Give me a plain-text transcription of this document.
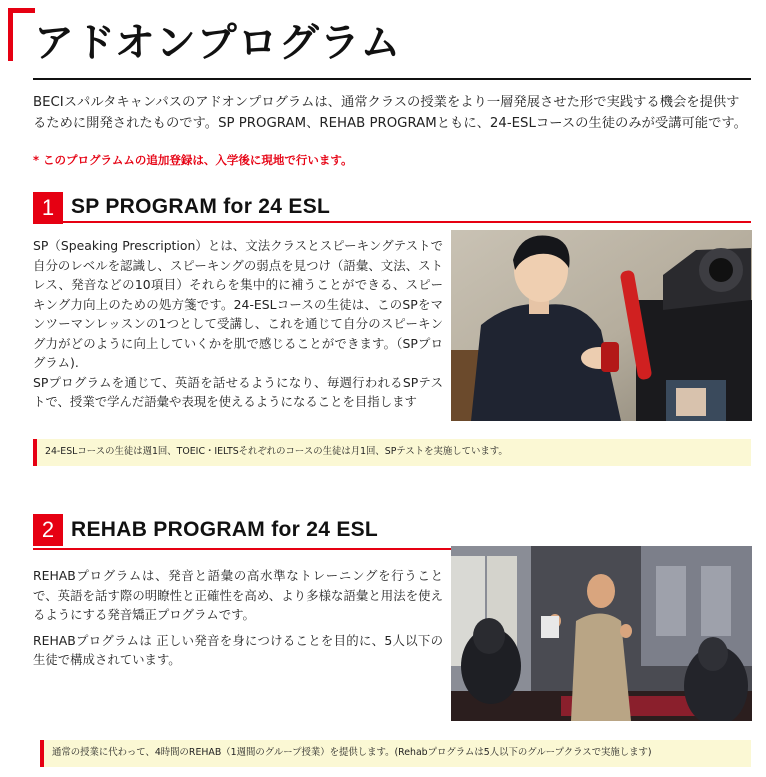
アドオンプログラム
BECIスパルタキャンパスのアドオンプログラムは、通常クラスの授業をより一層発展させた形で実践する機会を提供するために開発されたものです。SP PROGRAM、REHAB PROGRAMともに、24-ESLコースの生徒のみが受講可能です。
* このプログラムムの追加登録は、入学後に現地で行います。
1 SP PROGRAM for 24 ESL

SP（Speaking Prescription）とは、文法クラスとスピーキングテストで自分のレベルを認識し、スピーキングの弱点を見つけ（語彙、文法、ストレス、発音などの10項目）それらを集中的に補うことができる、スピーキング力向上のための処方箋です。24-ESLコースの生徒は、このSPをマンツーマンレッスンの1つとして受講し、これを通じて自分のスピーキング力がどのように向上していくかを肌で感じることができます。（SPプログラム).

SPプログラムを通じて、英語を話せるようになり、毎週行われるSPテストで、授業で学んだ語彙や表現を使えるようになることを目指します

24-ESLコースの生徒は週1回、TOEIC・IELTSそれぞれのコースの生徒は月1回、SPテストを実施しています。
2 REHAB PROGRAM for 24 ESL

REHABプログラムは、発音と語彙の高水準なトレーニングを行うことで、英語を話す際の明瞭性と正確性を高め、より多様な語彙と用法を使えるようにする発音矯正プログラムです。

REHABプログラムは 正しい発音を身につけることを目的に、5人以下の生徒で構成されています。

通常の授業に代わって、4時間のREHAB（1週間のグループ授業）を提供します。(Rehabプログラムは5人以下のグループクラスで実施します)
